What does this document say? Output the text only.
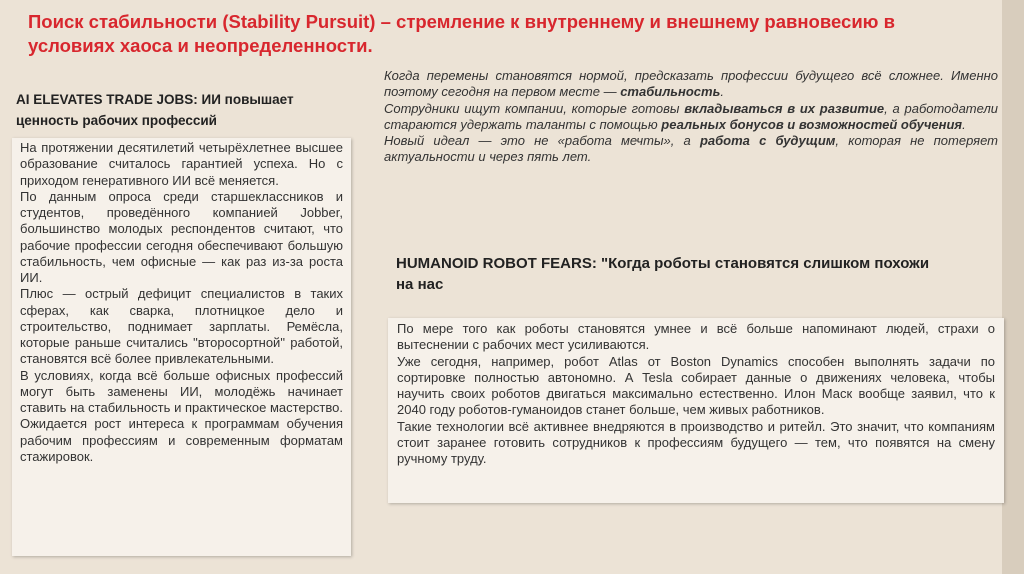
Поиск стабильности (Stability Pursuit) – стремление к внутреннему и внешнему равновесию в условиях хаоса и неопределенности.

Когда перемены становятся нормой, предсказать профессии будущего всё сложнее. Именно поэтому сегодня на первом месте — стабильность.

Сотрудники ищут компании, которые готовы вкладываться в их развитие, а работодатели стараются удержать таланты с помощью реальных бонусов и возможностей обучения.

Новый идеал — это не «работа мечты», а работа с будущим, которая не потеряет актуальности и через пять лет.

AI ELEVATES TRADE JOBS: ИИ повышает ценность рабочих профессий

На протяжении десятилетий четырёхлетнее высшее образование считалось гарантией успеха. Но с приходом генеративного ИИ всё меняется.

По данным опроса среди старшеклассников и студентов, проведённого компанией Jobber, большинство молодых респондентов считают, что рабочие профессии сегодня обеспечивают большую стабильность, чем офисные — как раз из-за роста ИИ.

Плюс — острый дефицит специалистов в таких сферах, как сварка, плотницкое дело и строительство, поднимает зарплаты. Ремёсла, которые раньше считались "второсортной" работой, становятся всё более привлекательными.

В условиях, когда всё больше офисных профессий могут быть заменены ИИ, молодёжь начинает ставить на стабильность и практическое мастерство. Ожидается рост интереса к программам обучения рабочим профессиям и современным форматам стажировок.

HUMANOID ROBOT FEARS: "Когда роботы становятся слишком похожи на нас

По мере того как роботы становятся умнее и всё больше напоминают людей, страхи о вытеснении с рабочих мест усиливаются.

Уже сегодня, например, робот Atlas от Boston Dynamics способен выполнять задачи по сортировке полностью автономно. А Tesla собирает данные о движениях человека, чтобы научить своих роботов двигаться максимально естественно. Илон Маск вообще заявил, что к 2040 году роботов-гуманоидов станет больше, чем живых работников.

Такие технологии всё активнее внедряются в производство и ритейл. Это значит, что компаниям стоит заранее готовить сотрудников к профессиям будущего — тем, что появятся на смену ручному труду.
